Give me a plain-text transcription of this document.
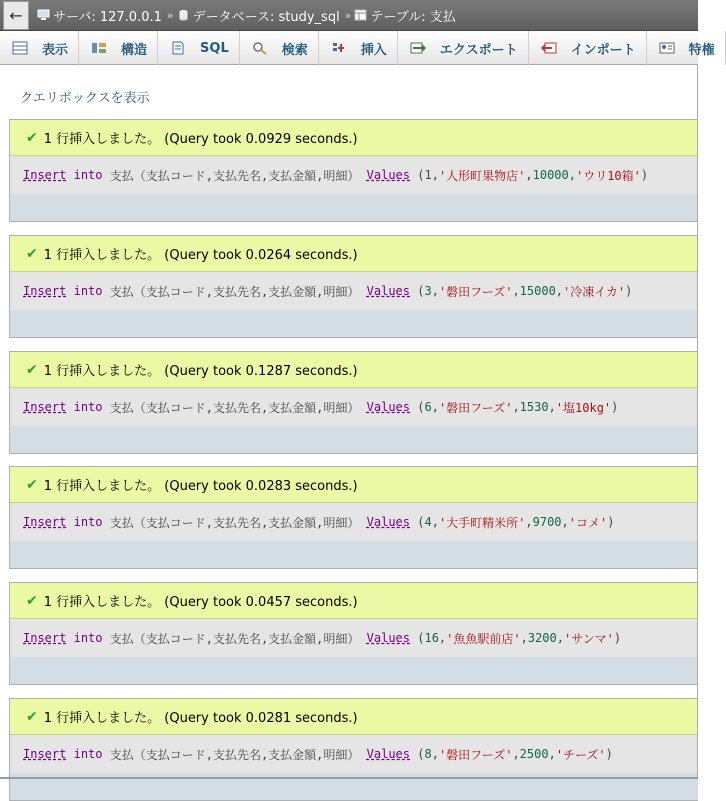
←	サーバ: 127.0.0.1 » データベース: study_sql » テーブル: 支払
表示	構造	SQL	検索	挿入	エクスポート	インポート	特権
クエリボックスを表示
✔ 1 行挿入しました。 (Query took 0.0929 seconds.)
Insert
into
支払（支払コード,支払先名,支払金額,明細）
Values ( 1 , '人形町果物店' , 10000 , 'ウリ10箱' )
✔ 1 行挿入しました。 (Query took 0.0264 seconds.)
Insert
into
支払（支払コード,支払先名,支払金額,明細）
Values ( 3 , '磐田フーズ' , 15000 , '冷凍イカ' )
✔ 1 行挿入しました。 (Query took 0.1287 seconds.)
Insert
into
支払（支払コード,支払先名,支払金額,明細）
Values ( 6 , '磐田フーズ' , 1530 , '塩10kg' )
✔ 1 行挿入しました。 (Query took 0.0283 seconds.)
Insert
into
支払（支払コード,支払先名,支払金額,明細）
Values ( 4 , '大手町精米所' , 9700 , 'コメ' )
✔ 1 行挿入しました。 (Query took 0.0457 seconds.)
Insert
into
支払（支払コード,支払先名,支払金額,明細）
Values ( 16 , '魚魚駅前店' , 3200 , 'サンマ' )
✔ 1 行挿入しました。 (Query took 0.0281 seconds.)
Insert
into
支払（支払コード,支払先名,支払金額,明細）
Values ( 8 , '磐田フーズ' , 2500 , 'チーズ' )
